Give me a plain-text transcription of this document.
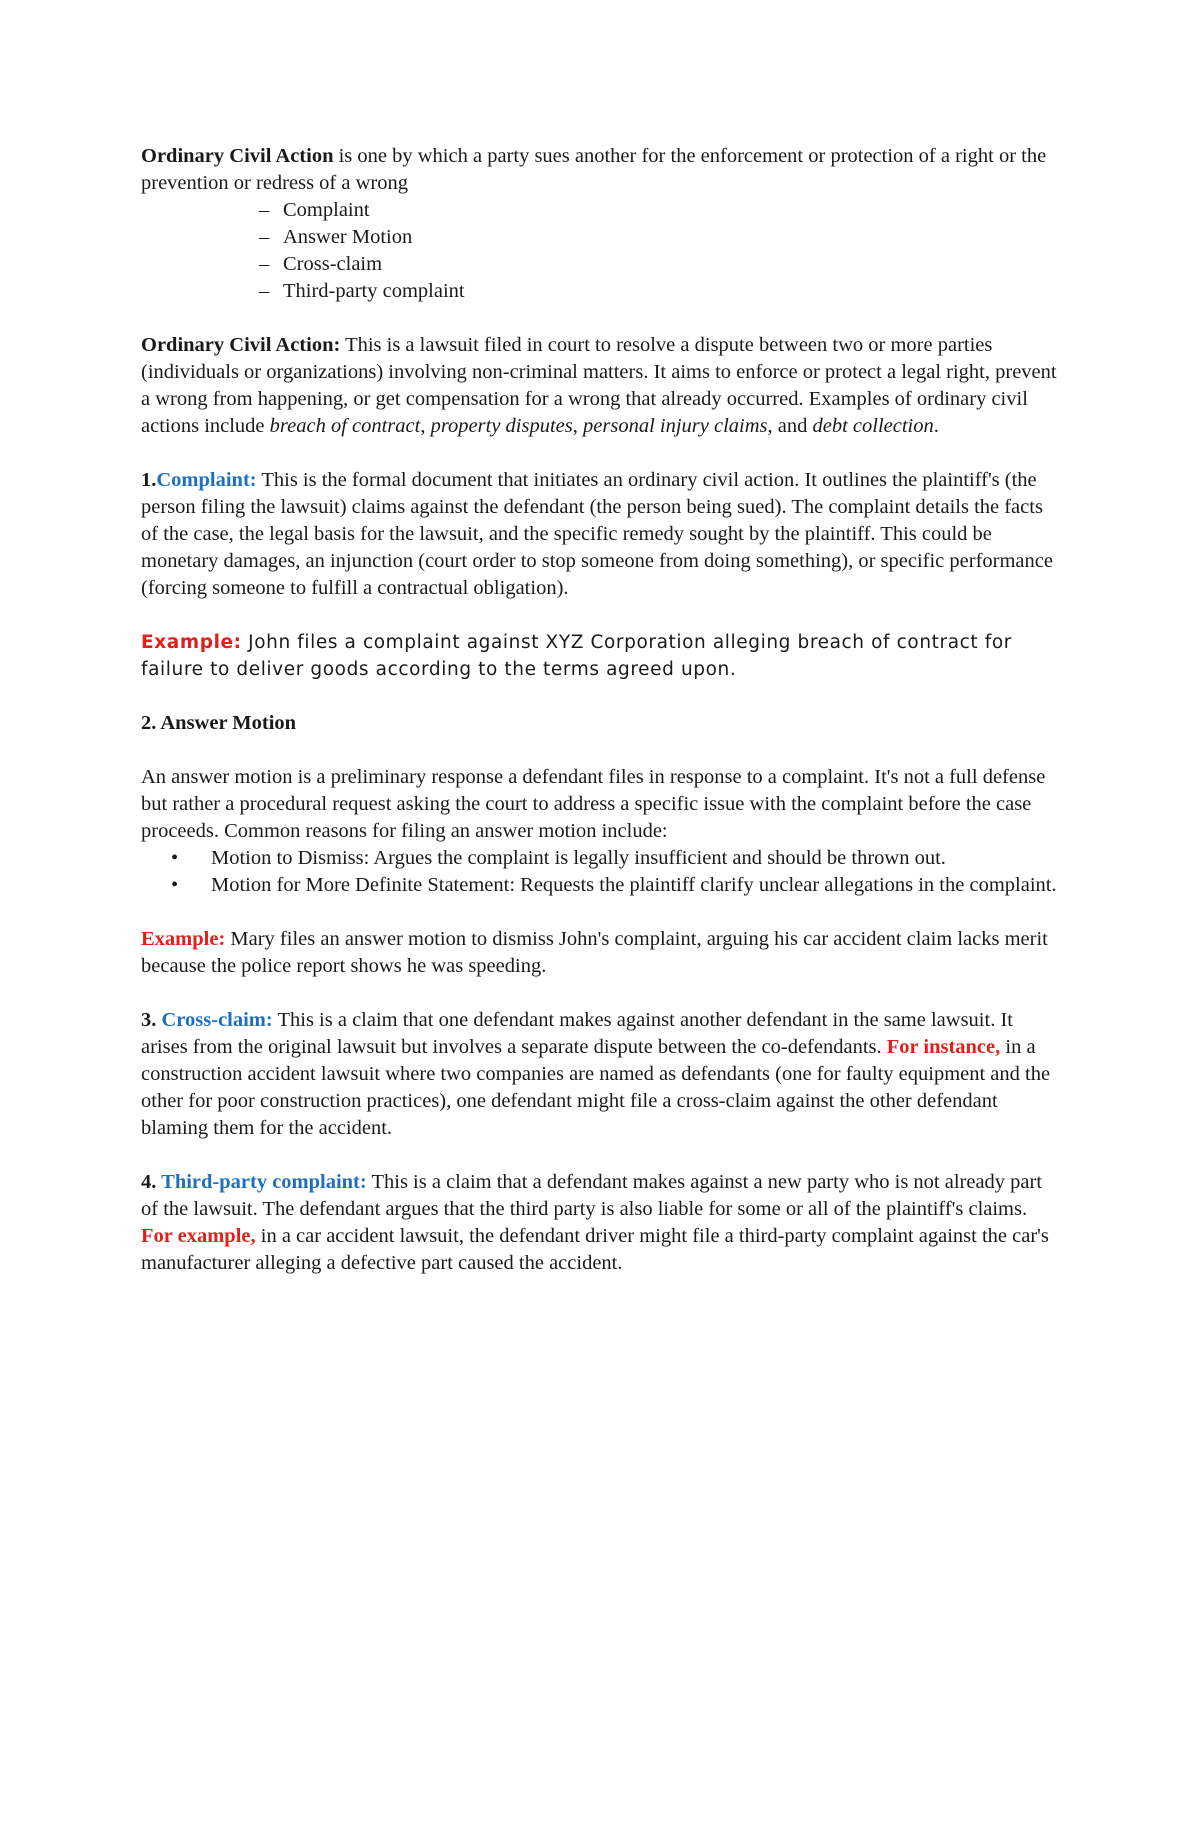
Ordinary Civil Action is one by which a party sues another for the enforcement or protection of a right or the prevention or redress of a wrong

– Complaint
– Answer Motion
– Cross-claim
– Third-party complaint

Ordinary Civil Action: This is a lawsuit filed in court to resolve a dispute between two or more parties (individuals or organizations) involving non-criminal matters. It aims to enforce or protect a legal right, prevent a wrong from happening, or get compensation for a wrong that already occurred. Examples of ordinary civil actions include breach of contract, property disputes, personal injury claims, and debt collection.

1.Complaint: This is the formal document that initiates an ordinary civil action. It outlines the plaintiff's (the person filing the lawsuit) claims against the defendant (the person being sued). The complaint details the facts of the case, the legal basis for the lawsuit, and the specific remedy sought by the plaintiff. This could be monetary damages, an injunction (court order to stop someone from doing something), or specific performance (forcing someone to fulfill a contractual obligation).

Example: John files a complaint against XYZ Corporation alleging breach of contract for failure to deliver goods according to the terms agreed upon.

2. Answer Motion

An answer motion is a preliminary response a defendant files in response to a complaint. It's not a full defense but rather a procedural request asking the court to address a specific issue with the complaint before the case proceeds. Common reasons for filing an answer motion include:

• Motion to Dismiss: Argues the complaint is legally insufficient and should be thrown out.
• Motion for More Definite Statement: Requests the plaintiff clarify unclear allegations in the complaint.

Example: Mary files an answer motion to dismiss John's complaint, arguing his car accident claim lacks merit because the police report shows he was speeding.

3. Cross-claim: This is a claim that one defendant makes against another defendant in the same lawsuit. It arises from the original lawsuit but involves a separate dispute between the co-defendants. For instance, in a construction accident lawsuit where two companies are named as defendants (one for faulty equipment and the other for poor construction practices), one defendant might file a cross-claim against the other defendant blaming them for the accident.

4. Third-party complaint: This is a claim that a defendant makes against a new party who is not already part of the lawsuit. The defendant argues that the third party is also liable for some or all of the plaintiff's claims. For example, in a car accident lawsuit, the defendant driver might file a third-party complaint against the car's manufacturer alleging a defective part caused the accident.
